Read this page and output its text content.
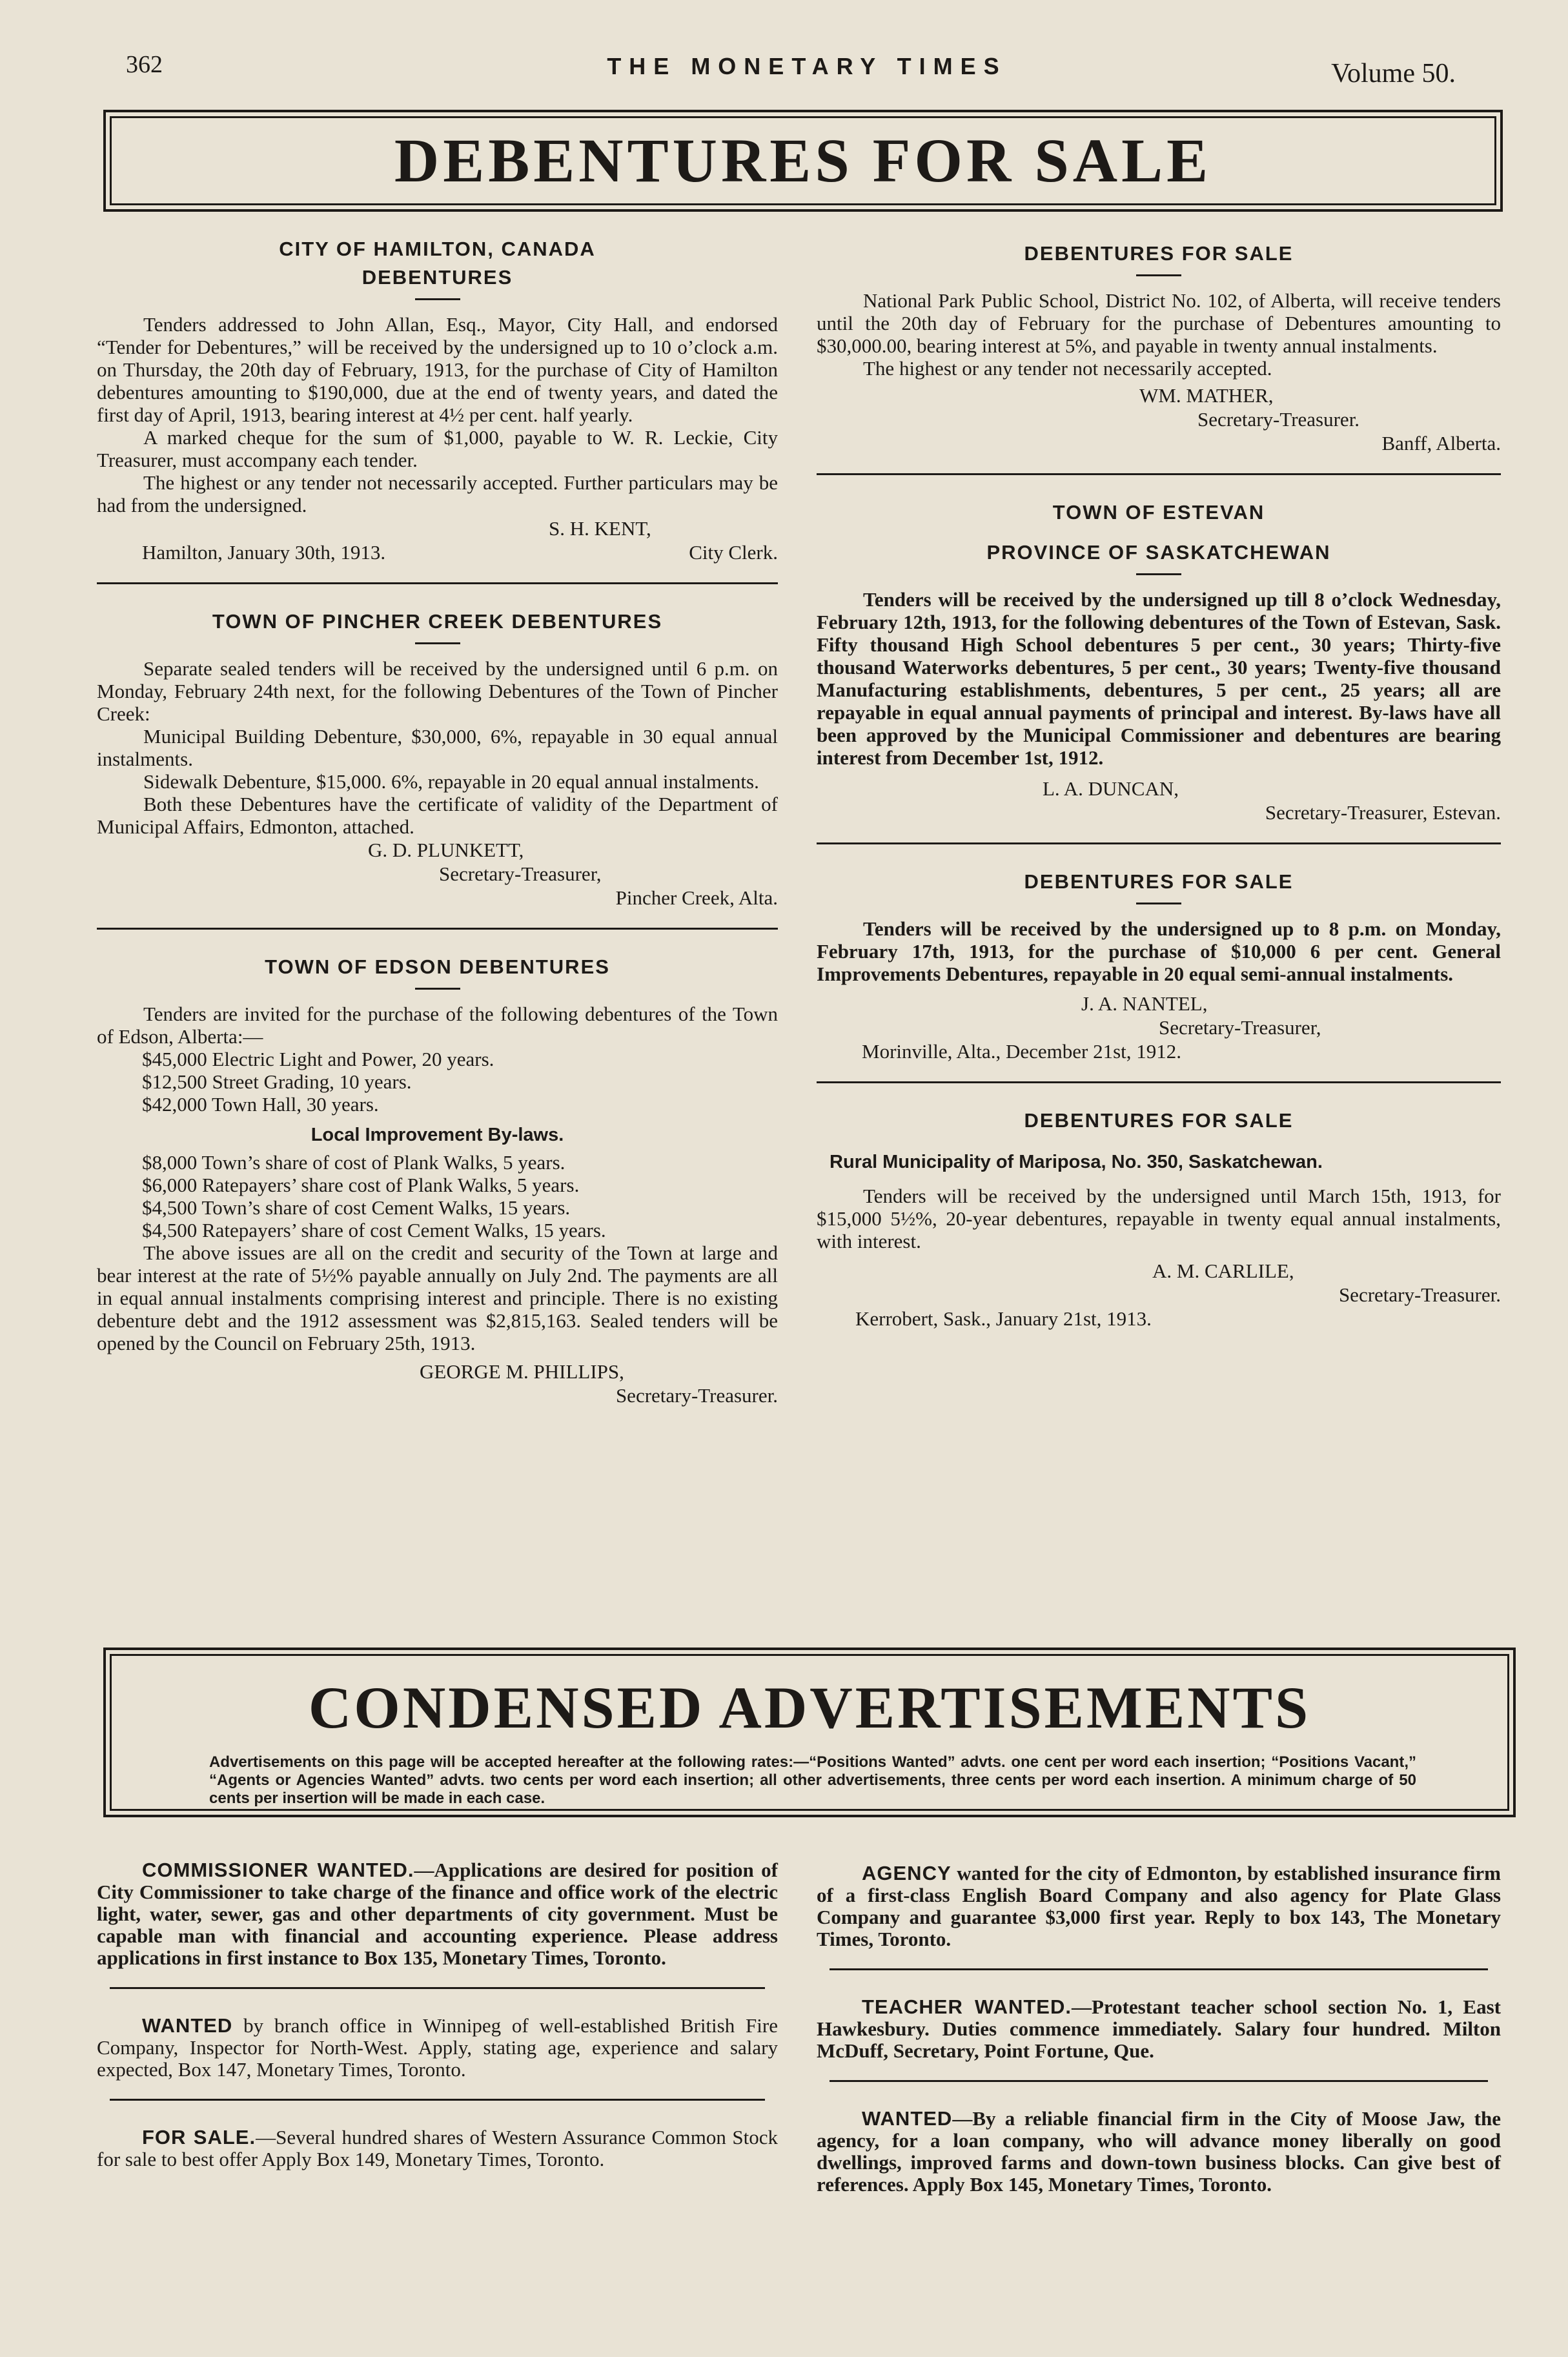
362	THE MONETARY TIMES	Volume 50.
DEBENTURES FOR SALE
CITY OF HAMILTON, CANADA
DEBENTURES

Tenders addressed to John Allan, Esq., Mayor, City Hall, and endorsed “Tender for Debentures,” will be received by the undersigned up to 10 o’clock a.m. on Thursday, the 20th day of February, 1913, for the purchase of City of Hamilton debentures amounting to $190,000, due at the end of twenty years, and dated the first day of April, 1913, bearing interest at 4½ per cent. half yearly.

A marked cheque for the sum of $1,000, payable to W. R. Leckie, City Treasurer, must accompany each tender.

The highest or any tender not necessarily accepted. Further particulars may be had from the undersigned.

S. H. KENT,

Hamilton, January 30th, 1913.	City Clerk.

TOWN OF PINCHER CREEK DEBENTURES

Separate sealed tenders will be received by the undersigned until 6 p.m. on Monday, February 24th next, for the following Debentures of the Town of Pincher Creek:

Municipal Building Debenture, $30,000, 6%, repayable in 30 equal annual instalments.

Sidewalk Debenture, $15,000. 6%, repayable in 20 equal annual instalments.

Both these Debentures have the certificate of validity of the Department of Municipal Affairs, Edmonton, attached.

G. D. PLUNKETT,

Secretary-Treasurer,

Pincher Creek, Alta.

TOWN OF EDSON DEBENTURES

Tenders are invited for the purchase of the following debentures of the Town of Edson, Alberta:—

$45,000 Electric Light and Power, 20 years.

$12,500 Street Grading, 10 years.

$42,000 Town Hall, 30 years.

Local Improvement By-laws.

$8,000 Town’s share of cost of Plank Walks, 5 years.

$6,000 Ratepayers’ share cost of Plank Walks, 5 years.

$4,500 Town’s share of cost Cement Walks, 15 years.

$4,500 Ratepayers’ share of cost Cement Walks, 15 years.

The above issues are all on the credit and security of the Town at large and bear interest at the rate of 5½% payable annually on July 2nd. The payments are all in equal annual instalments comprising interest and principle. There is no existing debenture debt and the 1912 assessment was $2,815,163. Sealed tenders will be opened by the Council on February 25th, 1913.

GEORGE M. PHILLIPS,

Secretary-Treasurer.

DEBENTURES FOR SALE

National Park Public School, District No. 102, of Alberta, will receive tenders until the 20th day of February for the purchase of Debentures amounting to $30,000.00, bearing interest at 5%, and payable in twenty annual instalments.

The highest or any tender not necessarily accepted.

WM. MATHER,

Secretary-Treasurer.

Banff, Alberta.

TOWN OF ESTEVAN
PROVINCE OF SASKATCHEWAN

Tenders will be received by the undersigned up till 8 o’clock Wednesday, February 12th, 1913, for the following debentures of the Town of Estevan, Sask. Fifty thousand High School debentures 5 per cent., 30 years; Thirty-five thousand Waterworks debentures, 5 per cent., 30 years; Twenty-five thousand Manufacturing establishments, debentures, 5 per cent., 25 years; all are repayable in equal annual payments of principal and interest. By-laws have all been approved by the Municipal Commissioner and debentures are bearing interest from December 1st, 1912.

L. A. DUNCAN,

Secretary-Treasurer, Estevan.

DEBENTURES FOR SALE

Tenders will be received by the undersigned up to 8 p.m. on Monday, February 17th, 1913, for the purchase of $10,000 6 per cent. General Improvements Debentures, repayable in 20 equal semi-annual instalments.

J. A. NANTEL,

Secretary-Treasurer,

Morinville, Alta., December 21st, 1912.

DEBENTURES FOR SALE

Rural Municipality of Mariposa, No. 350, Saskatchewan.

Tenders will be received by the undersigned until March 15th, 1913, for $15,000 5½%, 20-year debentures, repayable in twenty equal annual instalments, with interest.

A. M. CARLILE,

Secretary-Treasurer.

Kerrobert, Sask., January 21st, 1913.

CONDENSED ADVERTISEMENTS

Advertisements on this page will be accepted hereafter at the following rates:—“Positions Wanted” advts. one cent per word each insertion; “Positions Vacant,” “Agents or Agencies Wanted” advts. two cents per word each insertion; all other advertisements, three cents per word each insertion. A minimum charge of 50 cents per insertion will be made in each case.

COMMISSIONER WANTED.—Applications are desired for position of City Commissioner to take charge of the finance and office work of the electric light, water, sewer, gas and other departments of city government. Must be capable man with financial and accounting experience. Please address applications in first instance to Box 135, Monetary Times, Toronto.

WANTED by branch office in Winnipeg of well-established British Fire Company, Inspector for North-West. Apply, stating age, experience and salary expected, Box 147, Monetary Times, Toronto.

FOR SALE.—Several hundred shares of Western Assurance Common Stock for sale to best offer Apply Box 149, Monetary Times, Toronto.

AGENCY wanted for the city of Edmonton, by established insurance firm of a first-class English Board Company and also agency for Plate Glass Company and guarantee $3,000 first year. Reply to box 143, The Monetary Times, Toronto.

TEACHER WANTED.—Protestant teacher school section No. 1, East Hawkesbury. Duties commence immediately. Salary four hundred. Milton McDuff, Secretary, Point Fortune, Que.

WANTED—By a reliable financial firm in the City of Moose Jaw, the agency, for a loan company, who will advance money liberally on good dwellings, improved farms and down-town business blocks. Can give best of references. Apply Box 145, Monetary Times, Toronto.
